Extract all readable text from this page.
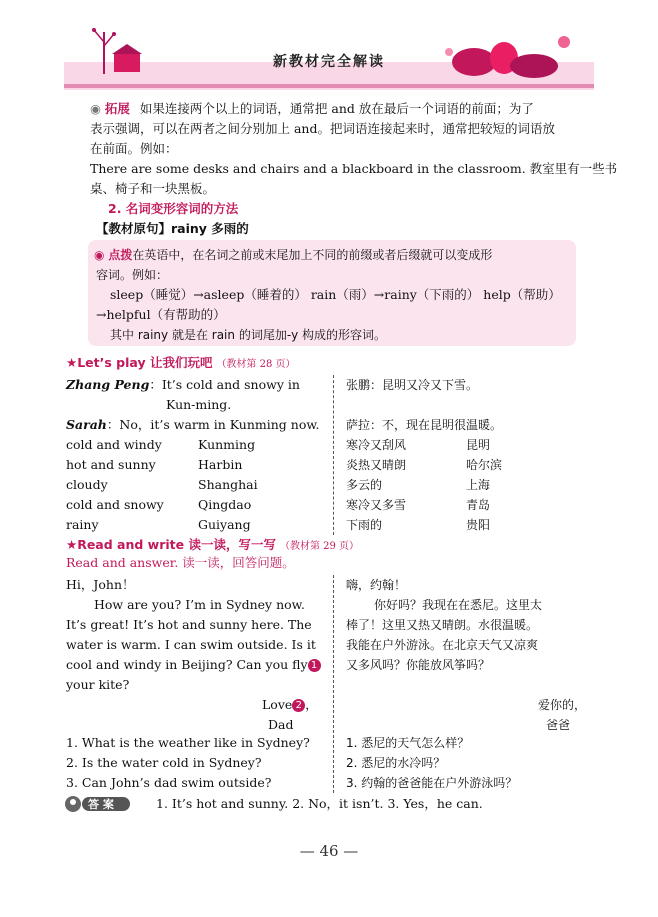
新教材完全解读
◉ 拓展 如果连接两个以上的词语，通常把 and 放在最后一个词语的前面；为了
表示强调，可以在两者之间分别加上 and。把词语连接起来时，通常把较短的词语放
在前面。例如：
There are some desks and chairs and a blackboard in the classroom. 教室里有一些书
桌、椅子和一块黑板。
2. 名词变形容词的方法
【教材原句】rainy 多雨的
◉ 点拨在英语中，在名词之前或末尾加上不同的前缀或者后缀就可以变成形
容词。例如：
sleep（睡觉）→asleep（睡着的） rain（雨）→rainy（下雨的） help（帮助）
→helpful（有帮助的）
其中 rainy 就是在 rain 的词尾加-y 构成的形容词。
★Let’s play 让我们玩吧 （教材第 28 页）
Zhang Peng：It’s cold and snowy in
Kun-ming.
Sarah：No，it’s warm in Kunming now.
cold and windy	Kunming
hot and sunny	Harbin
cloudy	Shanghai
cold and snowy	Qingdao
rainy	Guiyang
张鹏：昆明又冷又下雪。
萨拉：不，现在昆明很温暖。
寒冷又刮风	昆明
炎热又晴朗	哈尔滨
多云的	上海
寒冷又多雪	青岛
下雨的	贵阳
★Read and write 读一读，写一写 （教材第 29 页）
Read and answer. 读一读，回答问题。
Hi，John！
How are you? I’m in Sydney now.
It’s great! It’s hot and sunny here. The
water is warm. I can swim outside. Is it
cool and windy in Beijing? Can you fly 1
your kite?
Love 2 ，
Dad
嗨，约翰！
你好吗？我现在在悉尼。这里太
棒了！这里又热又晴朗。水很温暖。
我能在户外游泳。在北京天气又凉爽
又多风吗？你能放风筝吗？
爱你的，
爸爸
1. What is the weather like in Sydney?
2. Is the water cold in Sydney?
3. Can John’s dad swim outside?
1. 悉尼的天气怎么样？
2. 悉尼的水冷吗？
3. 约翰的爸爸能在户外游泳吗？
答 案	1. It’s hot and sunny. 2. No，it isn’t. 3. Yes，he can.
— 46 —
